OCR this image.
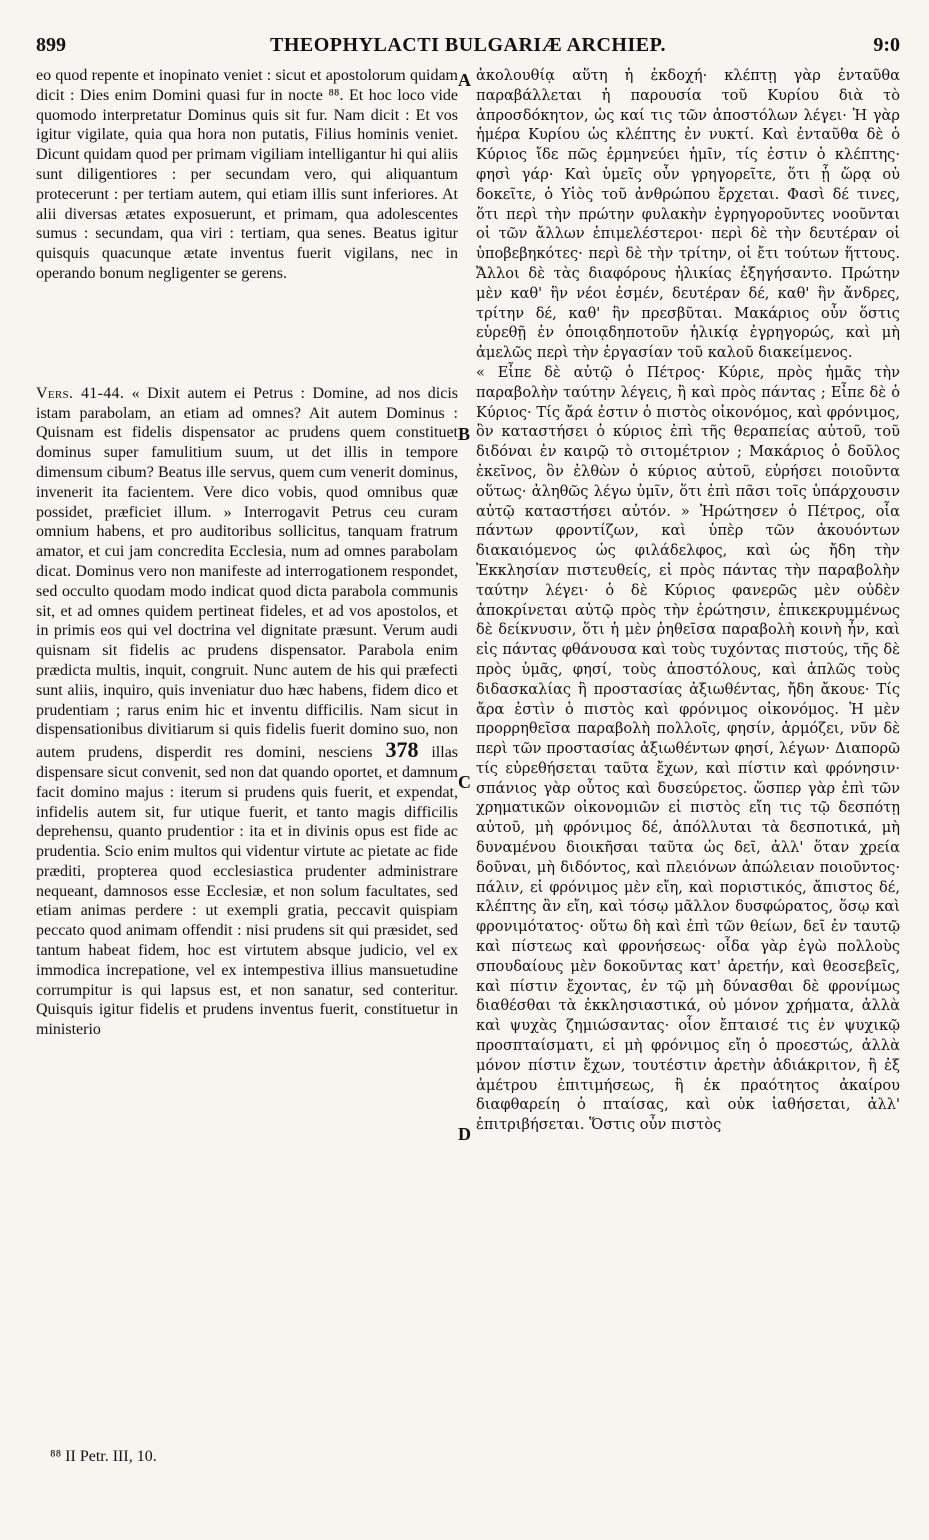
899	THEOPHYLACTI BULGARIÆ ARCHIEP.	9:0

eo quod repente et inopinato veniet : sicut et apostolorum quidam dicit : Dies enim Domini quasi fur in nocte ⁸⁸. Et hoc loco vide quomodo interpretatur Dominus quis sit fur. Nam dicit : Et vos igitur vigilate, quia qua hora non putatis, Filius hominis veniet. Dicunt quidam quod per primam vigiliam intelligantur hi qui aliis sunt diligentiores : per secundam vero, qui aliquantum protecerunt : per tertiam autem, qui etiam illis sunt inferiores. At alii diversas ætates exposuerunt, et primam, qua adolescentes sumus : secundam, qua viri : tertiam, qua senes. Beatus igitur quisquis quacunque ætate inventus fuerit vigilans, nec in operando bonum negligenter se gerens.

Vers. 41-44. « Dixit autem ei Petrus : Domine, ad nos dicis istam parabolam, an etiam ad omnes? Ait autem Dominus : Quisnam est fidelis dispensator ac prudens quem constituet dominus super famulitium suum, ut det illis in tempore dimensum cibum? Beatus ille servus, quem cum venerit dominus, invenerit ita facientem. Vere dico vobis, quod omnibus quæ possidet, præficiet illum. » Interrogavit Petrus ceu curam omnium habens, et pro auditoribus sollicitus, tanquam fratrum amator, et cui jam concredita Ecclesia, num ad omnes parabolam dicat. Dominus vero non manifeste ad interrogationem respondet, sed occulto quodam modo indicat quod dicta parabola communis sit, et ad omnes quidem pertineat fideles, et ad vos apostolos, et in primis eos qui vel doctrina vel dignitate præsunt. Verum audi quisnam sit fidelis ac prudens dispensator. Parabola enim prædicta multis, inquit, congruit. Nunc autem de his qui præfecti sunt aliis, inquiro, quis inveniatur duo hæc habens, fidem dico et prudentiam ; rarus enim hic et inventu difficilis. Nam sicut in dispensationibus divitiarum si quis fidelis fuerit domino suo, non autem prudens, disperdit res domini, nesciens 378 illas dispensare sicut convenit, sed non dat quando oportet, et damnum facit domino majus : iterum si prudens quis fuerit, et expendat, infidelis autem sit, fur utique fuerit, et tanto magis difficilis deprehensu, quanto prudentior : ita et in divinis opus est fide ac prudentia. Scio enim multos qui videntur virtute ac pietate ac fide præditi, propterea quod ecclesiastica prudenter administrare nequeant, damnosos esse Ecclesiæ, et non solum facultates, sed etiam animas perdere : ut exempli gratia, peccavit quispiam peccato quod animam offendit : nisi prudens sit qui præsidet, sed tantum habeat fidem, hoc est virtutem absque judicio, vel ex immodica increpatione, vel ex intempestiva illius mansuetudine corrumpitur is qui lapsus est, et non sanatur, sed conteritur. Quisquis igitur fidelis et prudens inventus fuerit, constituetur in ministerio

A
B
C
D

ἀκολουθίᾳ αὕτη ἡ ἐκδοχή· κλέπτῃ γὰρ ἐνταῦθα παραβάλλεται ἡ παρουσία τοῦ Κυρίου διὰ τὸ ἀπροσδόκητον, ὡς καί τις τῶν ἀποστόλων λέγει· Ἡ γὰρ ἡμέρα Κυρίου ὡς κλέπτης ἐν νυκτί. Καὶ ἐνταῦθα δὲ ὁ Κύριος ἴδε πῶς ἑρμηνεύει ἡμῖν, τίς ἐστιν ὁ κλέπτης· φησὶ γάρ· Καὶ ὑμεῖς οὖν γρηγορεῖτε, ὅτι ᾗ ὥρᾳ οὐ δοκεῖτε, ὁ Υἱὸς τοῦ ἀνθρώπου ἔρχεται. Φασὶ δέ τινες, ὅτι περὶ τὴν πρώτην φυλακὴν ἐγρηγοροῦντες νοοῦνται οἱ τῶν ἄλλων ἐπιμελέστεροι· περὶ δὲ τὴν δευτέραν οἱ ὑποβεβηκότες· περὶ δὲ τὴν τρίτην, οἱ ἔτι τούτων ἥττους. Ἄλλοι δὲ τὰς διαφόρους ἡλικίας ἐξηγήσαντο. Πρώτην μὲν καθ' ἣν νέοι ἐσμέν, δευτέραν δέ, καθ' ἣν ἄνδρες, τρίτην δέ, καθ' ἣν πρεσβῦται. Μακάριος οὖν ὅστις εὑρεθῇ ἐν ὁποιᾳδηποτοῦν ἡλικίᾳ ἐγρηγορώς, καὶ μὴ ἀμελῶς περὶ τὴν ἐργασίαν τοῦ καλοῦ διακείμενος.

« Εἶπε δὲ αὐτῷ ὁ Πέτρος· Κύριε, πρὸς ἡμᾶς τὴν παραβολὴν ταύτην λέγεις, ἢ καὶ πρὸς πάντας ; Εἶπε δὲ ὁ Κύριος· Τίς ἄρά ἐστιν ὁ πιστὸς οἰκονόμος, καὶ φρόνιμος, ὃν καταστήσει ὁ κύριος ἐπὶ τῆς θεραπείας αὐτοῦ, τοῦ διδόναι ἐν καιρῷ τὸ σιτομέτριον ; Μακάριος ὁ δοῦλος ἐκεῖνος, ὃν ἐλθὼν ὁ κύριος αὐτοῦ, εὑρήσει ποιοῦντα οὕτως· ἀληθῶς λέγω ὑμῖν, ὅτι ἐπὶ πᾶσι τοῖς ὑπάρχουσιν αὐτῷ καταστήσει αὐτόν. » Ἠρώτησεν ὁ Πέτρος, οἷα πάντων φροντίζων, καὶ ὑπὲρ τῶν ἀκουόντων διακαιόμενος ὡς φιλάδελφος, καὶ ὡς ἤδη τὴν Ἐκκλησίαν πιστευθείς, εἰ πρὸς πάντας τὴν παραβολὴν ταύτην λέγει· ὁ δὲ Κύριος φανερῶς μὲν οὐδὲν ἀποκρίνεται αὐτῷ πρὸς τὴν ἐρώτησιν, ἐπικεκρυμμένως δὲ δείκνυσιν, ὅτι ἡ μὲν ῥηθεῖσα παραβολὴ κοινὴ ἦν, καὶ εἰς πάντας φθάνουσα καὶ τοὺς τυχόντας πιστούς, τῆς δὲ πρὸς ὑμᾶς, φησί, τοὺς ἀποστόλους, καὶ ἁπλῶς τοὺς διδασκαλίας ἢ προστασίας ἀξιωθέντας, ἤδη ἄκουε· Τίς ἄρα ἐστὶν ὁ πιστὸς καὶ φρόνιμος οἰκονόμος. Ἡ μὲν προρρηθεῖσα παραβολὴ πολλοῖς, φησίν, ἁρμόζει, νῦν δὲ περὶ τῶν προστασίας ἀξιωθέντων φησί, λέγων· Διαπορῶ τίς εὑρεθήσεται ταῦτα ἔχων, καὶ πίστιν καὶ φρόνησιν· σπάνιος γὰρ οὗτος καὶ δυσεύρετος. ὥσπερ γὰρ ἐπὶ τῶν χρηματικῶν οἰκονομιῶν εἰ πιστὸς εἴη τις τῷ δεσπότῃ αὐτοῦ, μὴ φρόνιμος δέ, ἀπόλλυται τὰ δεσποτικά, μὴ δυναμένου διοικῆσαι ταῦτα ὡς δεῖ, ἀλλ' ὅταν χρεία δοῦναι, μὴ διδόντος, καὶ πλειόνων ἀπώλειαν ποιοῦντος· πάλιν, εἰ φρόνιμος μὲν εἴη, καὶ ποριστικός, ἄπιστος δέ, κλέπτης ἂν εἴη, καὶ τόσῳ μᾶλλον δυσφώρατος, ὅσῳ καὶ φρονιμότατος· οὕτω δὴ καὶ ἐπὶ τῶν θείων, δεῖ ἐν ταυτῷ καὶ πίστεως καὶ φρονήσεως· οἶδα γὰρ ἐγὼ πολλοὺς σπουδαίους μὲν δοκοῦντας κατ' ἀρετήν, καὶ θεοσεβεῖς, καὶ πίστιν ἔχοντας, ἐν τῷ μὴ δύνασθαι δὲ φρονίμως διαθέσθαι τὰ ἐκκλησιαστικά, οὐ μόνον χρήματα, ἀλλὰ καὶ ψυχὰς ζημιώσαντας· οἷον ἔπταισέ τις ἐν ψυχικῷ προσπταίσματι, εἰ μὴ φρόνιμος εἴη ὁ προεστώς, ἀλλὰ μόνον πίστιν ἔχων, τουτέστιν ἀρετὴν ἀδιάκριτον, ἢ ἐξ ἀμέτρου ἐπιτιμήσεως, ἢ ἐκ πραότητος ἀκαίρου διαφθαρείη ὁ πταίσας, καὶ οὐκ ἰαθήσεται, ἀλλ' ἐπιτριβήσεται. Ὅστις οὖν πιστὸς

⁸⁸ II Petr. III, 10.
